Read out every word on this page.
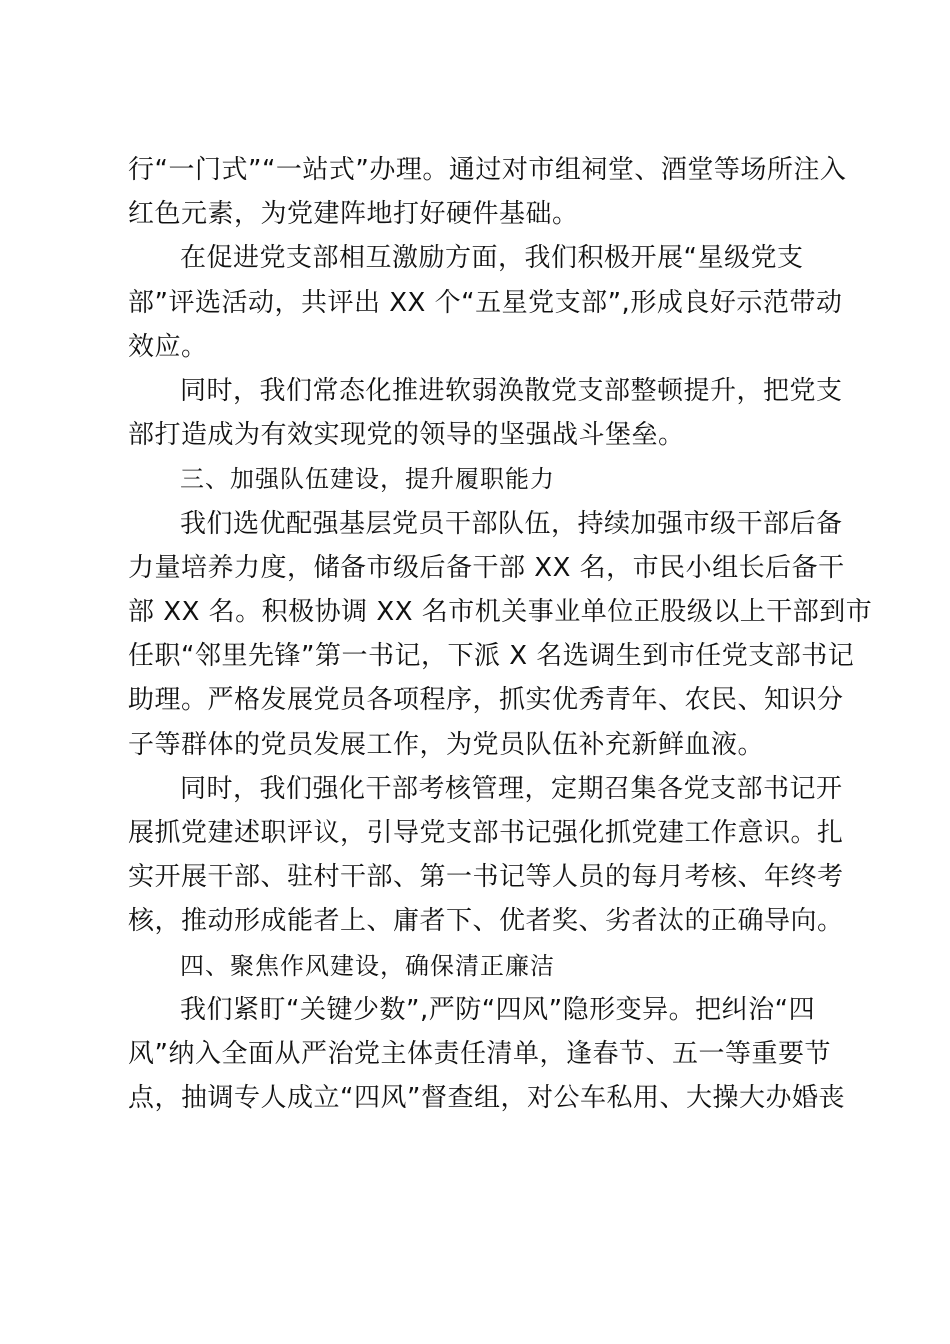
行“一门式”“一站式”办理。通过对市组祠堂、酒堂等场所注入
红色元素，为党建阵地打好硬件基础。
在促进党支部相互激励方面，我们积极开展“星级党支
部”评选活动，共评出 XX 个“五星党支部”,形成良好示范带动
效应。
同时，我们常态化推进软弱涣散党支部整顿提升，把党支
部打造成为有效实现党的领导的坚强战斗堡垒。
三、加强队伍建设，提升履职能力
我们选优配强基层党员干部队伍，持续加强市级干部后备
力量培养力度，储备市级后备干部 XX 名，市民小组长后备干
部 XX 名。积极协调 XX 名市机关事业单位正股级以上干部到市
任职“邻里先锋”第一书记，下派 X 名选调生到市任党支部书记
助理。严格发展党员各项程序，抓实优秀青年、农民、知识分
子等群体的党员发展工作，为党员队伍补充新鲜血液。
同时，我们强化干部考核管理，定期召集各党支部书记开
展抓党建述职评议，引导党支部书记强化抓党建工作意识。扎
实开展干部、驻村干部、第一书记等人员的每月考核、年终考
核，推动形成能者上、庸者下、优者奖、劣者汰的正确导向。
四、聚焦作风建设，确保清正廉洁
我们紧盯“关键少数”,严防“四风”隐形变异。把纠治“四
风”纳入全面从严治党主体责任清单，逢春节、五一等重要节
点，抽调专人成立“四风”督查组，对公车私用、大操大办婚丧
